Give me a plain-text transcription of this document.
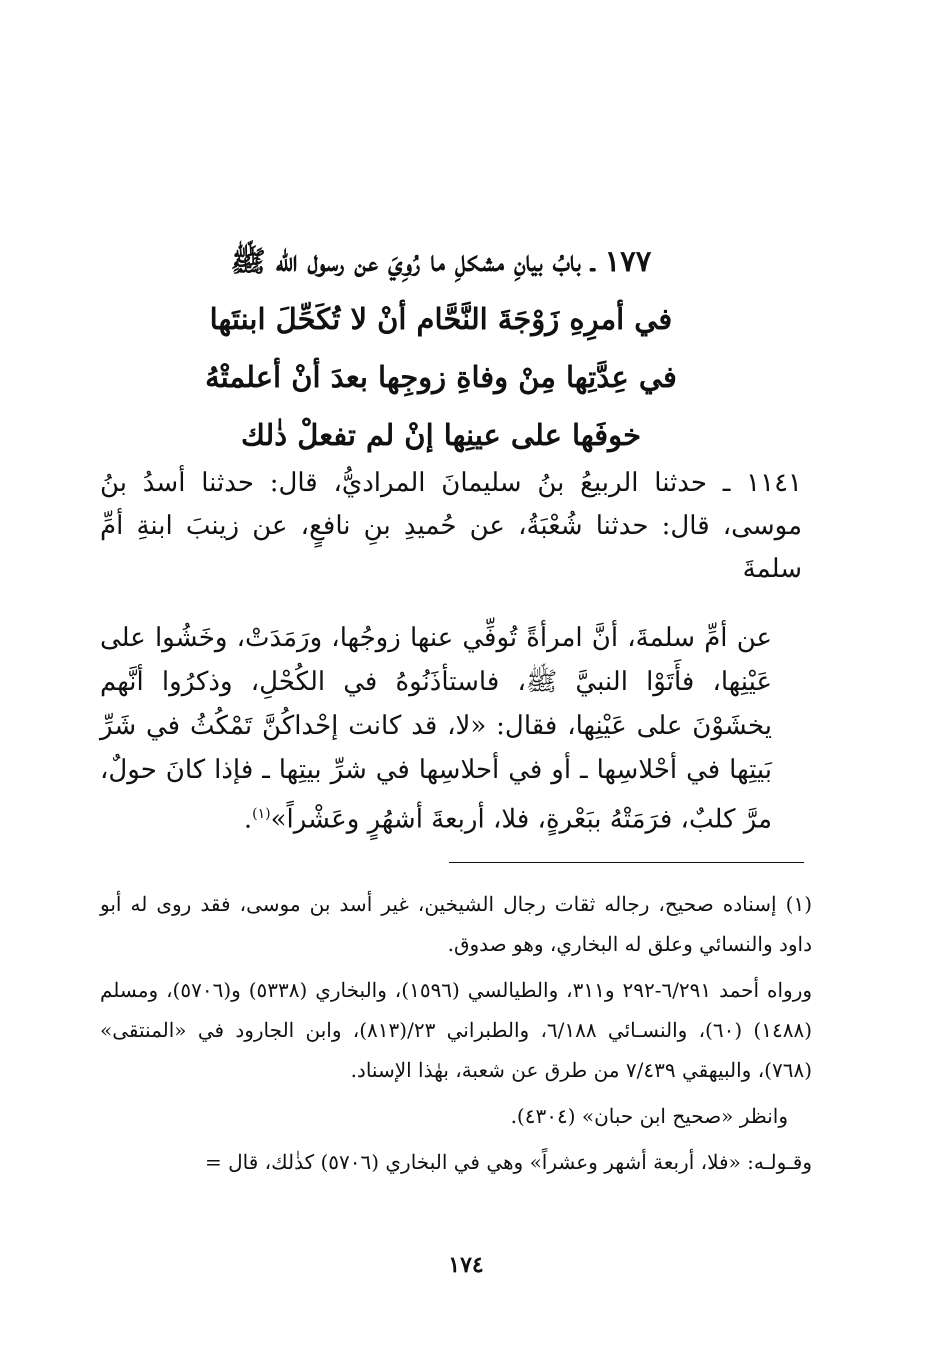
١٧٧ ـ بابُ بيانِ مشكلِ ما رُوِيَ عن رسول الله ﷺ
في أمرِهِ زَوْجَةَ النَّحَّام أنْ لا تُكَحِّلَ ابنتَها
في عِدَّتِها مِنْ وفاةِ زوجِها بعدَ أنْ أعلمتْهُ
خوفَها على عينِها إنْ لم تفعلْ ذٰلك
١١٤١ ـ حدثنا الربيعُ بنُ سليمانَ المراديُّ، قال: حدثنا أسدُ بنُ موسى، قال: حدثنا شُعْبَةُ، عن حُميدِ بنِ نافعٍ، عن زينبَ ابنةِ أمِّ سلمةَ
عن أمِّ سلمةَ، أنَّ امرأةً تُوفِّي عنها زوجُها، ورَمَدَتْ، وخَشُوا على عَيْنِها، فأَتَوْا النبيَّ ﷺ، فاستأذَنُوهُ في الكُحْلِ، وذكرُوا أنَّهم يخشَوْنَ على عَيْنِها، فقال: «لا، قد كانت إحْداكُنَّ تَمْكُثُ في شَرِّ بَيتِها في أحْلاسِها ـ أو في أحلاسِها في شرِّ بيتِها ـ فإذا كانَ حولٌ، مرَّ كلبٌ، فرَمَتْهُ ببَعْرةٍ، فلا، أربعةَ أشهُرٍ وعَشْراً»$^{(١)}$.

(١) إسناده صحيح، رجاله ثقات رجال الشيخين، غير أسد بن موسى، فقد روى له أبو داود والنسائي وعلق له البخاري، وهو صدوق.

ورواه أحمد ٦/٢٩١-٢٩٢ و٣١١، والطيالسي (١٥٩٦)، والبخاري (٥٣٣٨) و(٥٧٠٦)، ومسلم (١٤٨٨) (٦٠)، والنسـائي ٦/١٨٨، والطبراني ٢٣/(٨١٣)، وابن الجارود في «المنتقى» (٧٦٨)، والبيهقي ٧/٤٣٩ من طرق عن شعبة، بهٰذا الإسناد.

وانظر «صحيح ابن حبان» (٤٣٠٤).

وقـولـه: «فلا، أربعة أشهر وعشراً» وهي في البخاري (٥٧٠٦) كذٰلك، قال =

١٧٤
